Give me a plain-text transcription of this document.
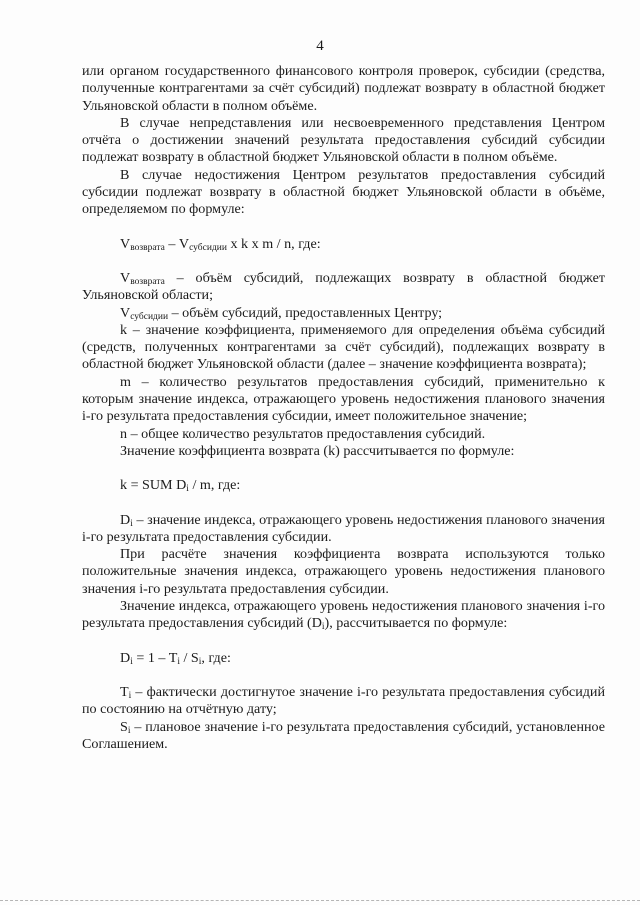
4

или органом государственного финансового контроля проверок, субсидии (средства, полученные контрагентами за счёт субсидий) подлежат возврату в областной бюджет Ульяновской области в полном объёме.

В случае непредставления или несвоевременного представления Центром отчёта о достижении значений результата предоставления субсидий субсидии подлежат возврату в областной бюджет Ульяновской области в полном объёме.

В случае недостижения Центром результатов предоставления субсидий субсидии подлежат возврату в областной бюджет Ульяновской области в объёме, определяемом по формуле:

$V_{возврата} - V_{субсидии}$ x k x m / n, где:

$V_{возврата}$ – объём субсидий, подлежащих возврату в областной бюджет Ульяновской области;

$V_{субсидии}$ – объём субсидий, предоставленных Центру;

k – значение коэффициента, применяемого для определения объёма субсидий (средств, полученных контрагентами за счёт субсидий), подлежащих возврату в областной бюджет Ульяновской области (далее – значение коэффициента возврата);

m – количество результатов предоставления субсидий, применительно к которым значение индекса, отражающего уровень недостижения планового значения i-го результата предоставления субсидии, имеет положительное значение;

n – общее количество результатов предоставления субсидий.

Значение коэффициента возврата (k) рассчитывается по формуле:

k = SUM $D_i$ / m, где:

$D_i$ – значение индекса, отражающего уровень недостижения планового значения i-го результата предоставления субсидии.

При расчёте значения коэффициента возврата используются только положительные значения индекса, отражающего уровень недостижения планового значения i-го результата предоставления субсидии.

Значение индекса, отражающего уровень недостижения планового значения i-го результата предоставления субсидий $(D_i)$, рассчитывается по формуле:

$D_i = 1 - T_i / S_i$, где:

$T_i$ – фактически достигнутое значение i-го результата предоставления субсидий по состоянию на отчётную дату;

$S_i$ – плановое значение i-го результата предоставления субсидий, установленное Соглашением.
